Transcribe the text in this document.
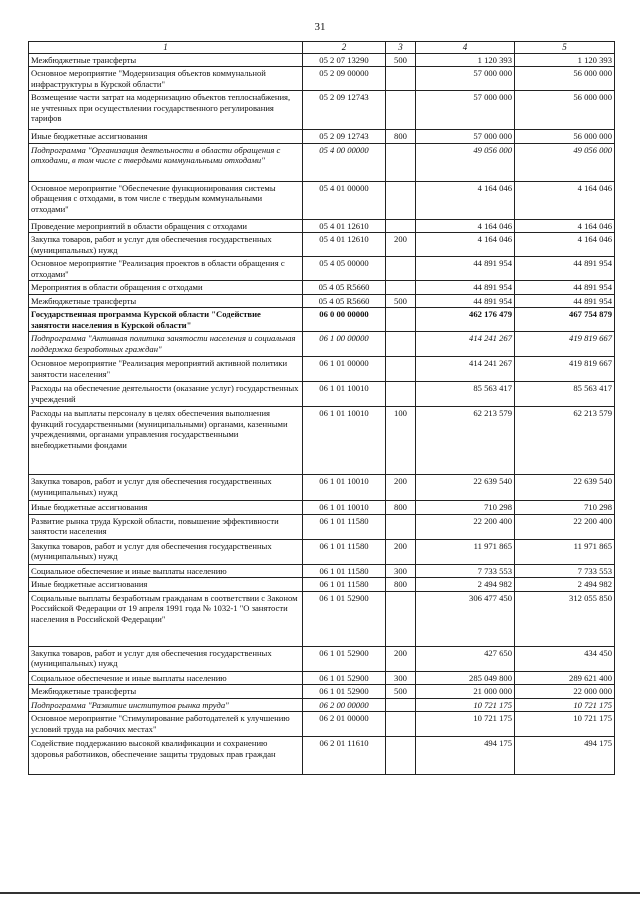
31
1	2	3	4	5
Межбюджетные трансферты	05 2 07 13290	500	1 120 393	1 120 393
Основное мероприятие "Модернизация объектов коммунальной инфраструктуры в Курской области"	05 2 09 00000		57 000 000	56 000 000
Возмещение части затрат на модернизацию объектов теплоснабжения, не учтенных при осуществлении государственного регулирования тарифов	05 2 09 12743		57 000 000	56 000 000
Иные бюджетные ассигнования	05 2 09 12743	800	57 000 000	56 000 000
Подпрограмма "Организация деятельности в области обращения с отходами, в том числе с твердыми коммунальными отходами"	05 4 00 00000		49 056 000	49 056 000
Основное мероприятие "Обеспечение функционирования системы обращения с отходами, в том числе с твердым коммунальными отходами"	05 4 01 00000		4 164 046	4 164 046
Проведение мероприятий в области обращения с отходами	05 4 01 12610		4 164 046	4 164 046
Закупка товаров, работ и услуг для обеспечения государственных (муниципальных) нужд	05 4 01 12610	200	4 164 046	4 164 046
Основное мероприятие "Реализация проектов в области обращения с отходами"	05 4 05 00000		44 891 954	44 891 954
Мероприятия в области обращения с отходами	05 4 05 R5660		44 891 954	44 891 954
Межбюджетные трансферты	05 4 05 R5660	500	44 891 954	44 891 954
Государственная программа Курской области "Содействие занятости населения в Курской области"	06 0 00 00000		462 176 479	467 754 879
Подпрограмма "Активная политика занятости населения и социальная поддержка безработных граждан"	06 1 00 00000		414 241 267	419 819 667
Основное мероприятие "Реализация мероприятий активной политики занятости населения"	06 1 01 00000		414 241 267	419 819 667
Расходы на обеспечение деятельности (оказание услуг) государственных учреждений	06 1 01 10010		85 563 417	85 563 417
Расходы на выплаты персоналу в целях обеспечения выполнения функций государственными (муниципальными) органами, казенными учреждениями, органами управления государственными внебюджетными фондами	06 1 01 10010	100	62 213 579	62 213 579
Закупка товаров, работ и услуг для обеспечения государственных (муниципальных) нужд	06 1 01 10010	200	22 639 540	22 639 540
Иные бюджетные ассигнования	06 1 01 10010	800	710 298	710 298
Развитие рынка труда Курской области, повышение эффективности занятости населения	06 1 01 11580		22 200 400	22 200 400
Закупка товаров, работ и услуг для обеспечения государственных (муниципальных) нужд	06 1 01 11580	200	11 971 865	11 971 865
Социальное обеспечение и иные выплаты населению	06 1 01 11580	300	7 733 553	7 733 553
Иные бюджетные ассигнования	06 1 01 11580	800	2 494 982	2 494 982
Социальные выплаты безработным гражданам в соответствии с Законом Российской Федерации от 19 апреля 1991 года № 1032-1 "О занятости населения в Российской Федерации"	06 1 01 52900		306 477 450	312 055 850
Закупка товаров, работ и услуг для обеспечения государственных (муниципальных) нужд	06 1 01 52900	200	427 650	434 450
Социальное обеспечение и иные выплаты населению	06 1 01 52900	300	285 049 800	289 621 400
Межбюджетные трансферты	06 1 01 52900	500	21 000 000	22 000 000
Подпрограмма "Развитие институтов рынка труда"	06 2 00 00000		10 721 175	10 721 175
Основное мероприятие "Стимулирование работодателей к улучшению условий труда на рабочих местах"	06 2 01 00000		10 721 175	10 721 175
Содействие поддержанию высокой квалификации и сохранению здоровья работников, обеспечение защиты трудовых прав граждан	06 2 01 11610		494 175	494 175
